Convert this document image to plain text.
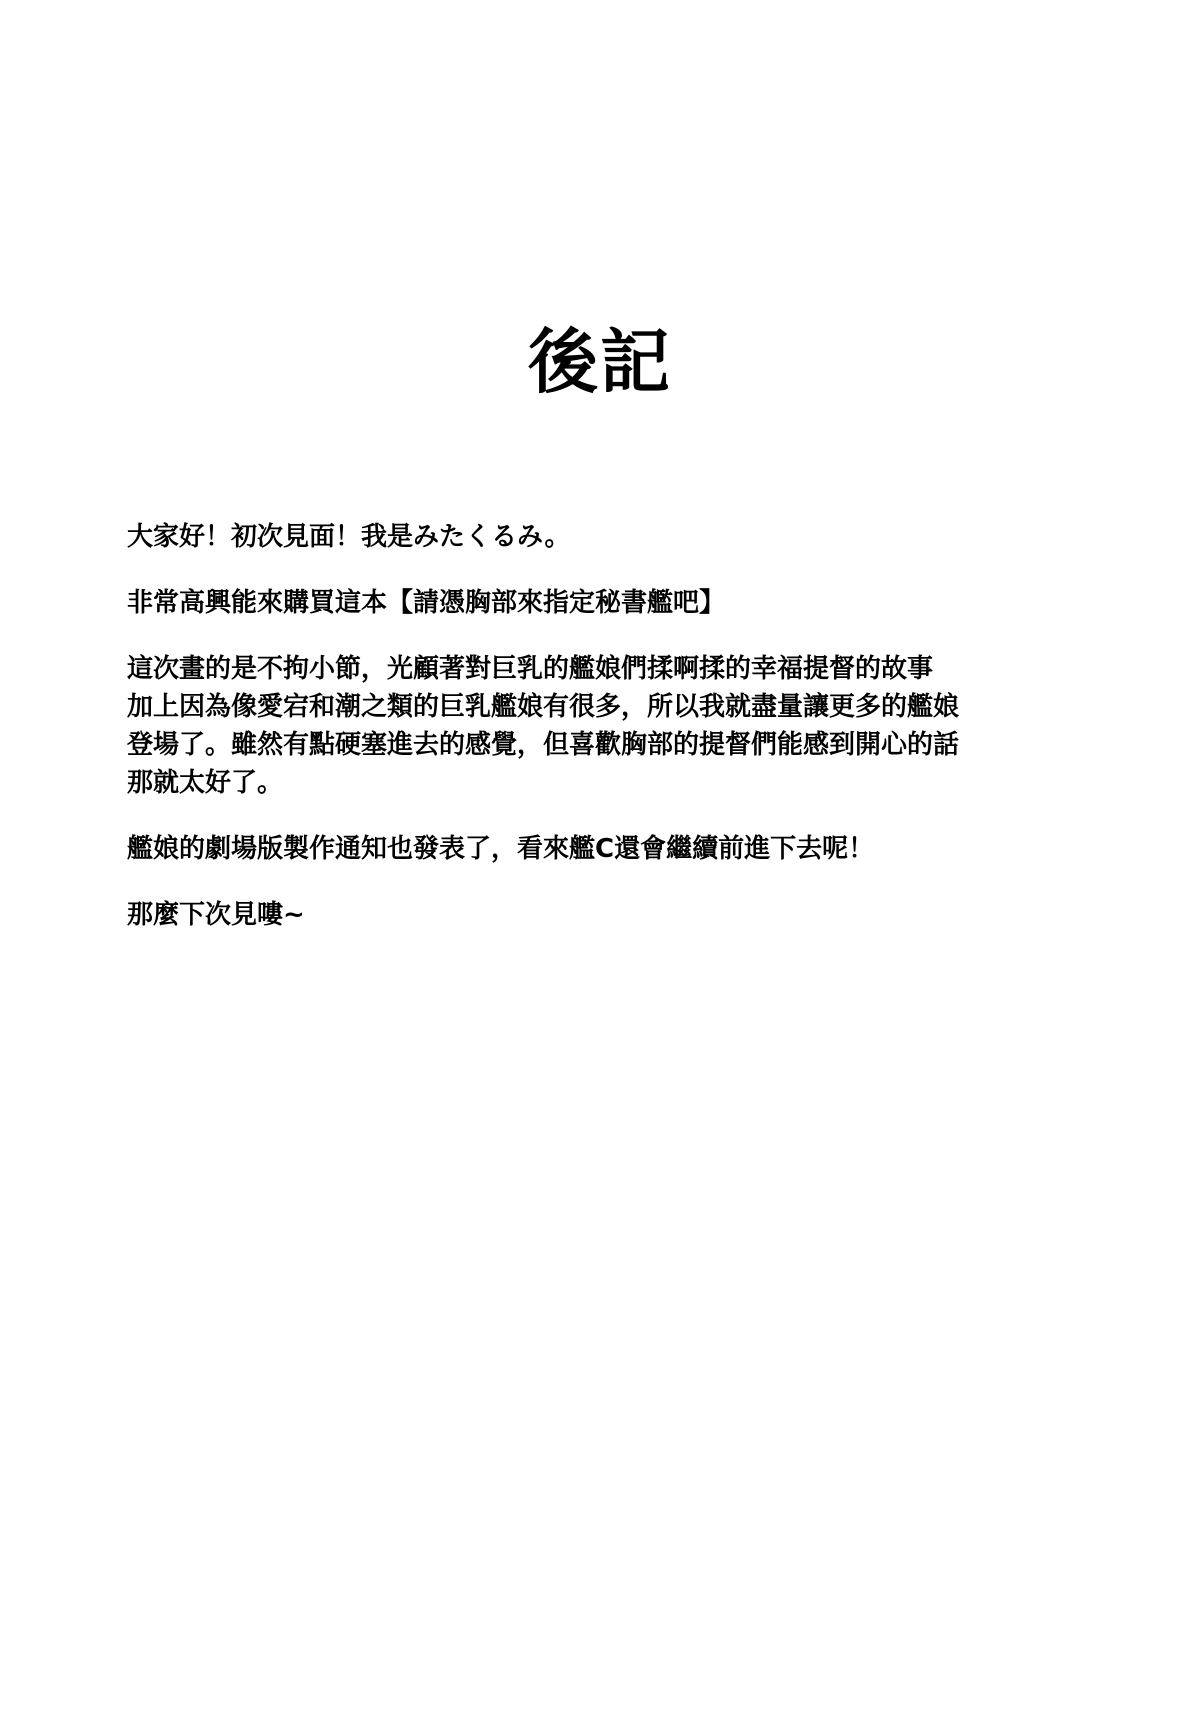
後記

大家好！初次見面！我是みたくるみ。

非常高興能來購買這本【請憑胸部來指定秘書艦吧】

這次畫的是不拘小節，光顧著對巨乳的艦娘們揉啊揉的幸福提督的故事
加上因為像愛宕和潮之類的巨乳艦娘有很多，所以我就盡量讓更多的艦娘
登場了。雖然有點硬塞進去的感覺，但喜歡胸部的提督們能感到開心的話
那就太好了。

艦娘的劇場版製作通知也發表了，看來艦C還會繼續前進下去呢！

那麼下次見嘍~
